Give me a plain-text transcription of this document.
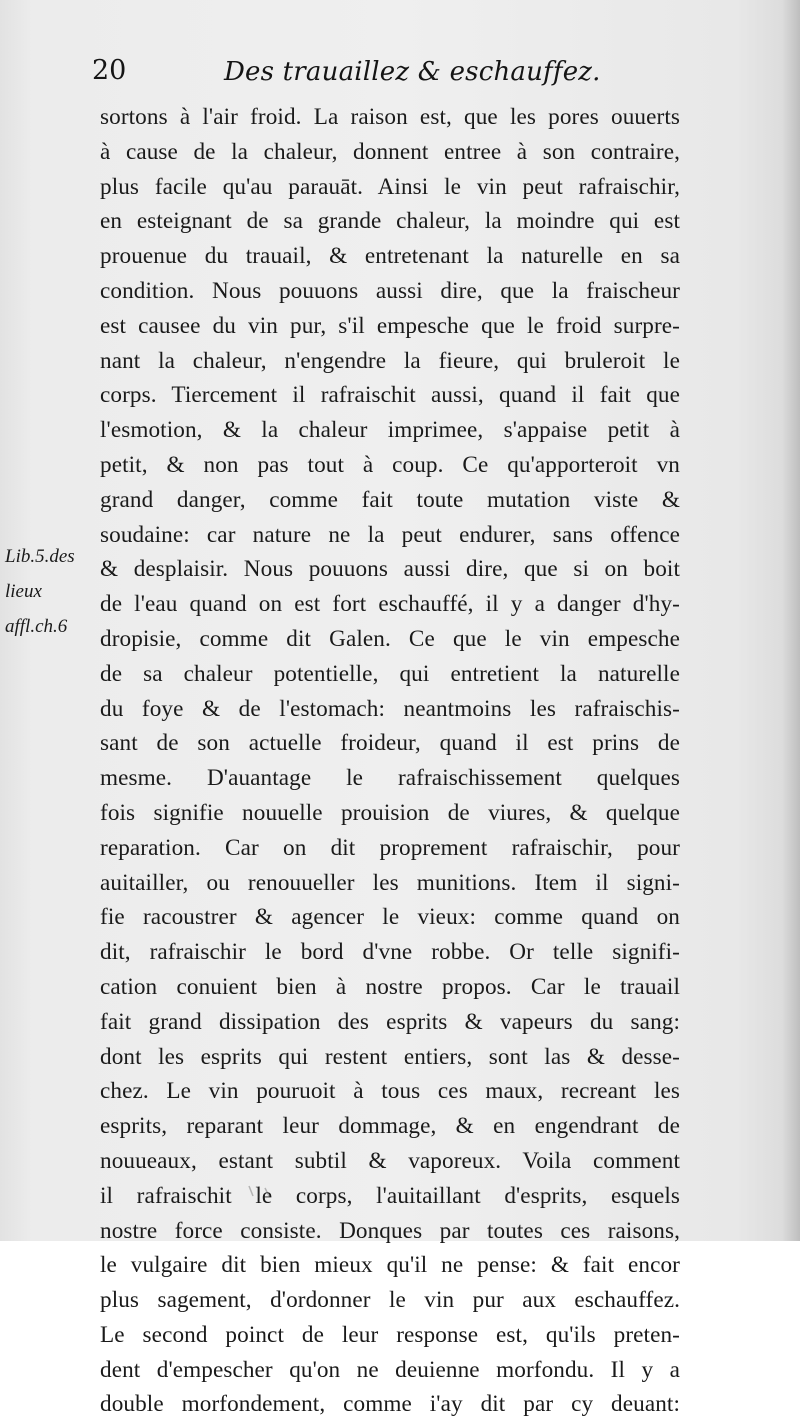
20	Des trauaillez & eschauffez.
Lib.5.des
lieux
affl.ch.6
sortons à l'air froid. La raison est, que les pores ouuerts
à cause de la chaleur, donnent entree à son contraire,
plus facile qu'au parauāt. Ainsi le vin peut rafraischir,
en esteignant de sa grande chaleur, la moindre qui est
prouenue du trauail, & entretenant la naturelle en sa
condition. Nous pouuons aussi dire, que la fraischeur
est causee du vin pur, s'il empesche que le froid surpre-
nant la chaleur, n'engendre la fieure, qui bruleroit le
corps. Tiercement il rafraischit aussi, quand il fait que
l'esmotion, & la chaleur imprimee, s'appaise petit à
petit, & non pas tout à coup. Ce qu'apporteroit vn
grand danger, comme fait toute mutation viste &
soudaine: car nature ne la peut endurer, sans offence
& desplaisir. Nous pouuons aussi dire, que si on boit
de l'eau quand on est fort eschauffé, il y a danger d'hy-
dropisie, comme dit Galen. Ce que le vin empesche
de sa chaleur potentielle, qui entretient la naturelle
du foye & de l'estomach: neantmoins les rafraischis-
sant de son actuelle froideur, quand il est prins de
mesme. D'auantage le rafraischissement quelques
fois signifie nouuelle prouision de viures, & quelque
reparation. Car on dit proprement rafraischir, pour
auitailler, ou renouueller les munitions. Item il signi-
fie racoustrer & agencer le vieux: comme quand on
dit, rafraischir le bord d'vne robbe. Or telle signifi-
cation conuient bien à nostre propos. Car le trauail
fait grand dissipation des esprits & vapeurs du sang:
dont les esprits qui restent entiers, sont las & desse-
chez. Le vin pouruoit à tous ces maux, recreant les
esprits, reparant leur dommage, & en engendrant de
nouueaux, estant subtil & vaporeux. Voila comment
il rafraischit le corps, l'auitaillant d'esprits, esquels
nostre force consiste. Donques par toutes ces raisons,
le vulgaire dit bien mieux qu'il ne pense: & fait encor
plus sagement, d'ordonner le vin pur aux eschauffez.
Le second poinct de leur response est, qu'ils preten-
dent d'empescher qu'on ne deuienne morfondu. Il y a
double morfondement, comme i'ay dit par cy deuant:
